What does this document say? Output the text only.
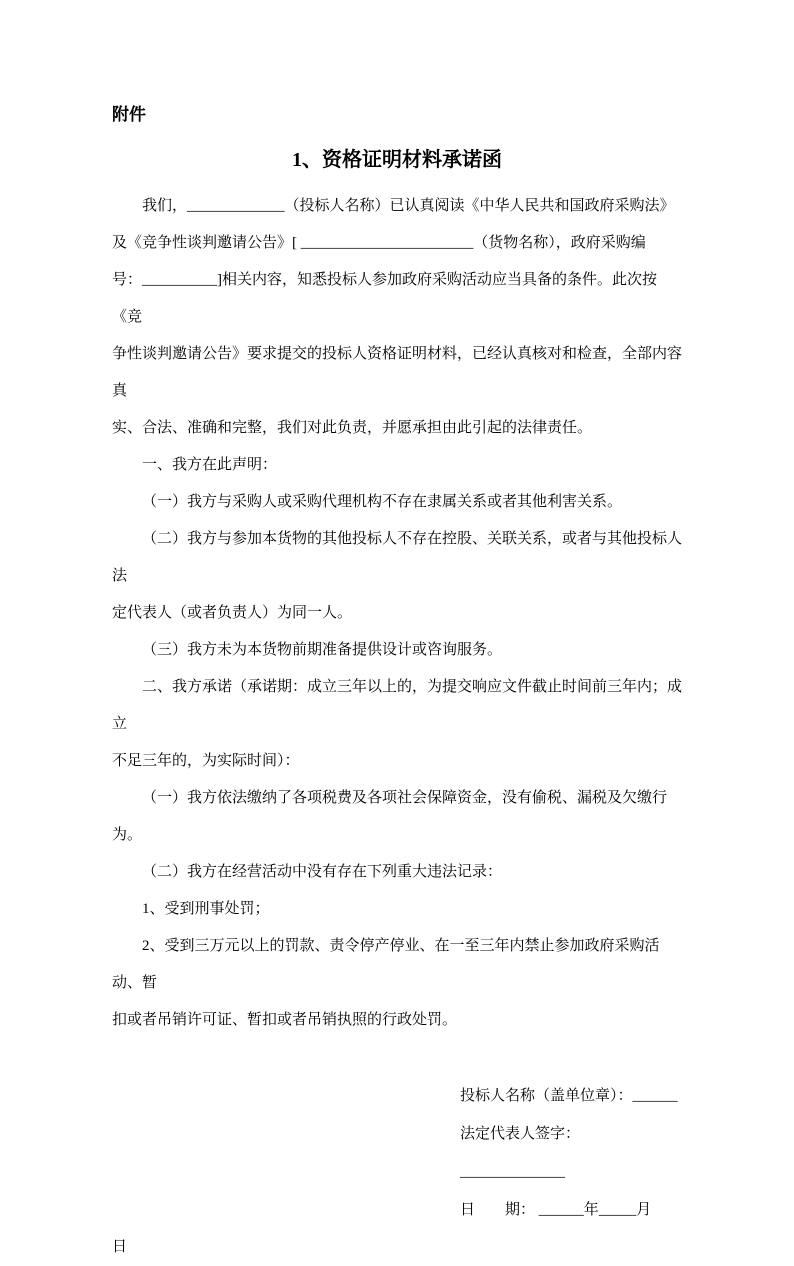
附件
1、资格证明材料承诺函
我们，_____________（投标人名称）已认真阅读《中华人民共和国政府采购法》
及《竞争性谈判邀请公告》[ _______________________（货物名称），政府采购编
号：__________]相关内容，知悉投标人参加政府采购活动应当具备的条件。此次按《竞
争性谈判邀请公告》要求提交的投标人资格证明材料，已经认真核对和检查，全部内容真
实、合法、准确和完整，我们对此负责，并愿承担由此引起的法律责任。
一、我方在此声明：
（一）我方与采购人或采购代理机构不存在隶属关系或者其他利害关系。
（二）我方与参加本货物的其他投标人不存在控股、关联关系，或者与其他投标人法
定代表人（或者负责人）为同一人。
（三）我方未为本货物前期准备提供设计或咨询服务。
二、我方承诺（承诺期：成立三年以上的，为提交响应文件截止时间前三年内；成立
不足三年的，为实际时间）：
（一）我方依法缴纳了各项税费及各项社会保障资金，没有偷税、漏税及欠缴行为。
（二）我方在经营活动中没有存在下列重大违法记录：
1、受到刑事处罚；
2、受到三万元以上的罚款、责令停产停业、在一至三年内禁止参加政府采购活动、暂
扣或者吊销许可证、暂扣或者吊销执照的行政处罚。
投标人名称（盖单位章）：______
法定代表人签字：______________
日　　期： ______年_____月
日
